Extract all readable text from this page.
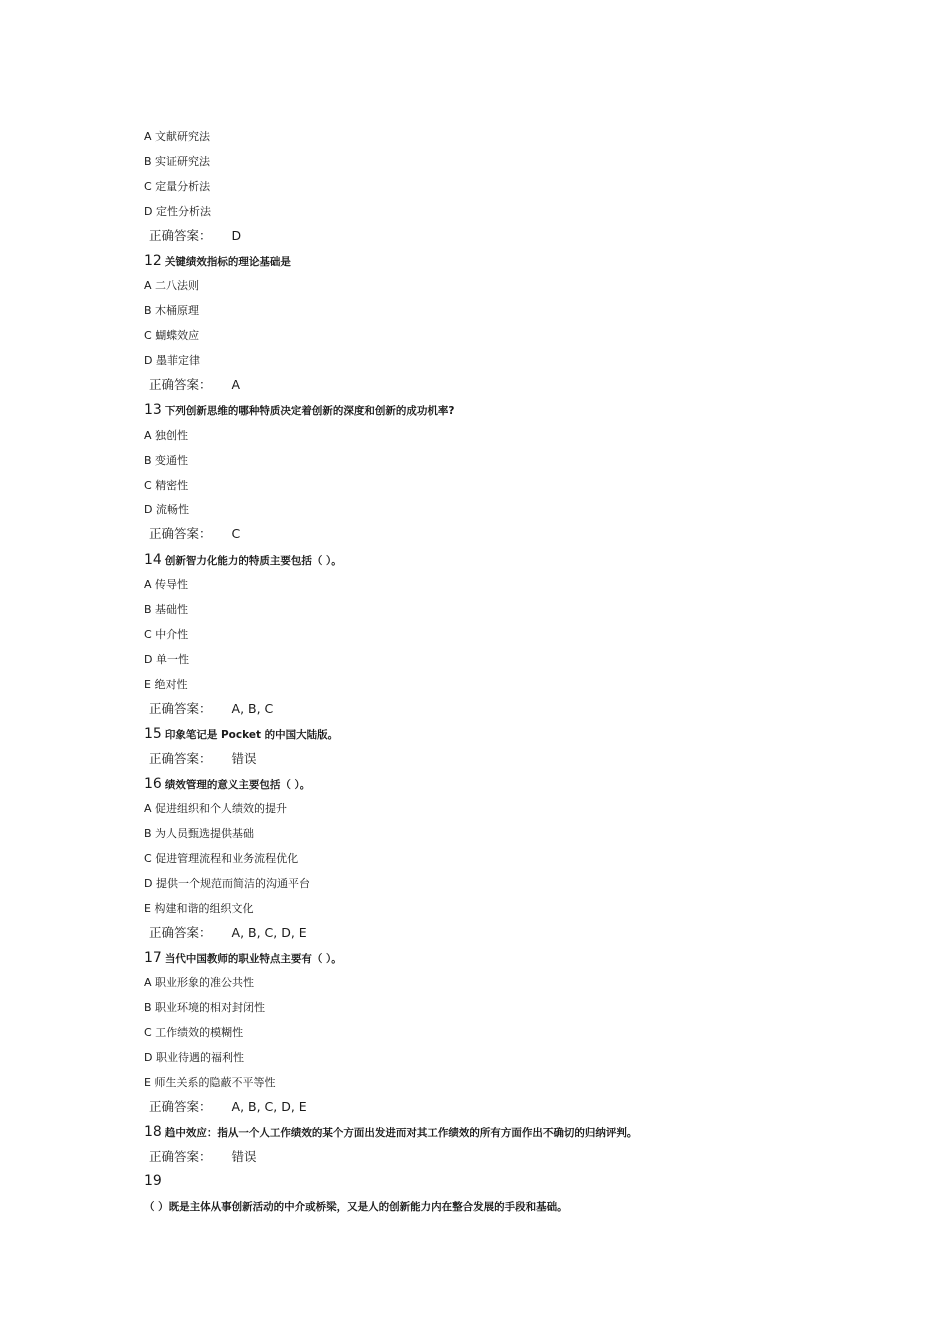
A 文献研究法
B 实证研究法
C 定量分析法
D 定性分析法
正确答案： D
12 关键绩效指标的理论基础是
A 二八法则
B 木桶原理
C 蝴蝶效应
D 墨菲定律
正确答案： A
13 下列创新思维的哪种特质决定着创新的深度和创新的成功机率?
A 独创性
B 变通性
C 精密性
D 流畅性
正确答案： C
14 创新智力化能力的特质主要包括（ ）。
A 传导性
B 基础性
C 中介性
D 单一性
E 绝对性
正确答案： A, B, C
15 印象笔记是 Pocket 的中国大陆版。
正确答案： 错误
16 绩效管理的意义主要包括（ ）。
A 促进组织和个人绩效的提升
B 为人员甄选提供基础
C 促进管理流程和业务流程优化
D 提供一个规范而简洁的沟通平台
E 构建和谐的组织文化
正确答案： A, B, C, D, E
17 当代中国教师的职业特点主要有（ ）。
A 职业形象的准公共性
B 职业环境的相对封闭性
C 工作绩效的模糊性
D 职业待遇的福利性
E 师生关系的隐蔽不平等性
正确答案： A, B, C, D, E
18 趋中效应：指从一个人工作绩效的某个方面出发进而对其工作绩效的所有方面作出不确切的归纳评判。
正确答案： 错误
19
（ ）既是主体从事创新活动的中介或桥梁，又是人的创新能力内在整合发展的手段和基础。
